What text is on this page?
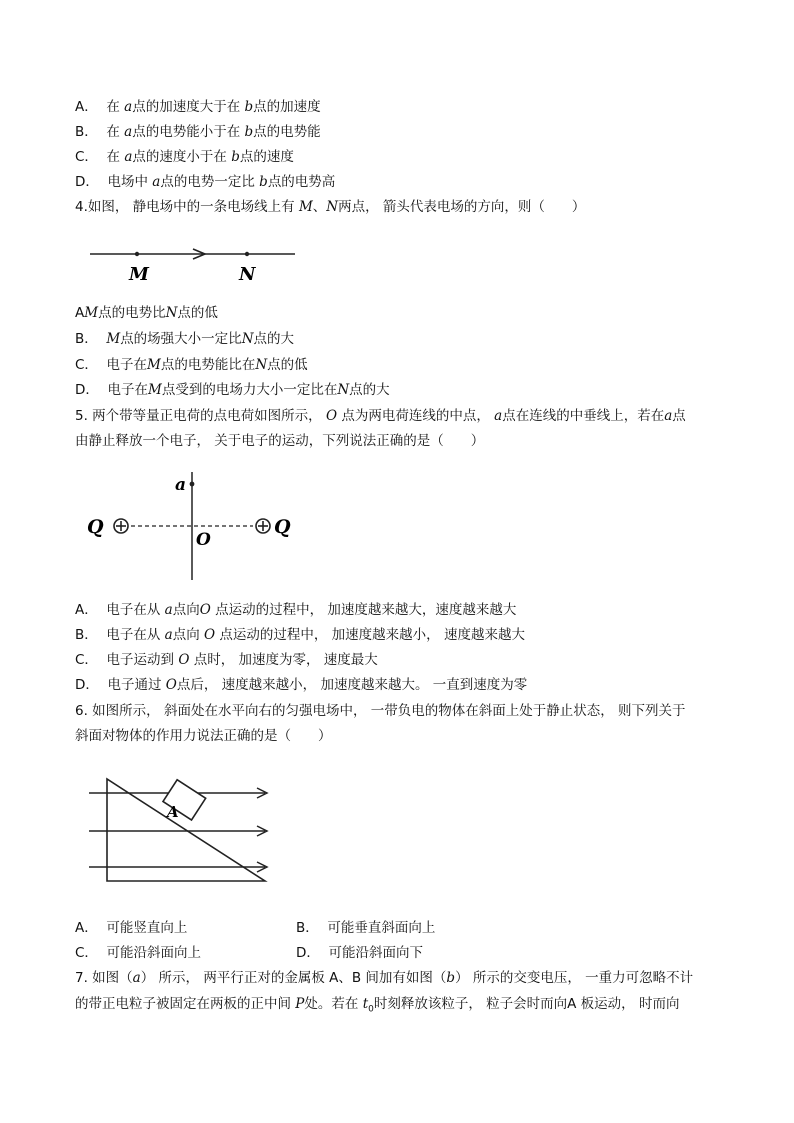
A． 在 a点的加速度大于在 b点的加速度
B． 在 a点的电势能小于在 b点的电势能
C． 在 a点的速度小于在 b点的速度
D． 电场中 a点的电势一定比 b点的电势高
4.如图， 静电场中的一条电场线上有 M、N两点， 箭头代表电场的方向，则（　　）
M	N
AM点的电势比N点的低
B． M点的场强大小一定比N点的大
C． 电子在M点的电势能比在N点的低
D． 电子在M点受到的电场力大小一定比在N点的大
5. 两个带等量正电荷的点电荷如图所示， O 点为两电荷连线的中点， a点在连线的中垂线上，若在a点
由静止释放一个电子， 关于电子的运动，下列说法正确的是（　　）
a
O
Q	Q
A． 电子在从 a点向O 点运动的过程中， 加速度越来越大，速度越来越大
B． 电子在从 a点向 O 点运动的过程中， 加速度越来越小， 速度越来越大
C． 电子运动到 O 点时， 加速度为零， 速度最大
D． 电子通过 O点后， 速度越来越小， 加速度越来越大。 一直到速度为零
6. 如图所示， 斜面处在水平向右的匀强电场中， 一带负电的物体在斜面上处于静止状态， 则下列关于
斜面对物体的作用力说法正确的是（　　）
A
A． 可能竖直向上	B． 可能垂直斜面向上
C． 可能沿斜面向上	D． 可能沿斜面向下
7. 如图（a） 所示， 两平行正对的金属板 A、B 间加有如图（b） 所示的交变电压， 一重力可忽略不计
的带正电粒子被固定在两板的正中间 P处。若在 $t_0$时刻释放该粒子， 粒子会时而向A 板运动， 时而向
